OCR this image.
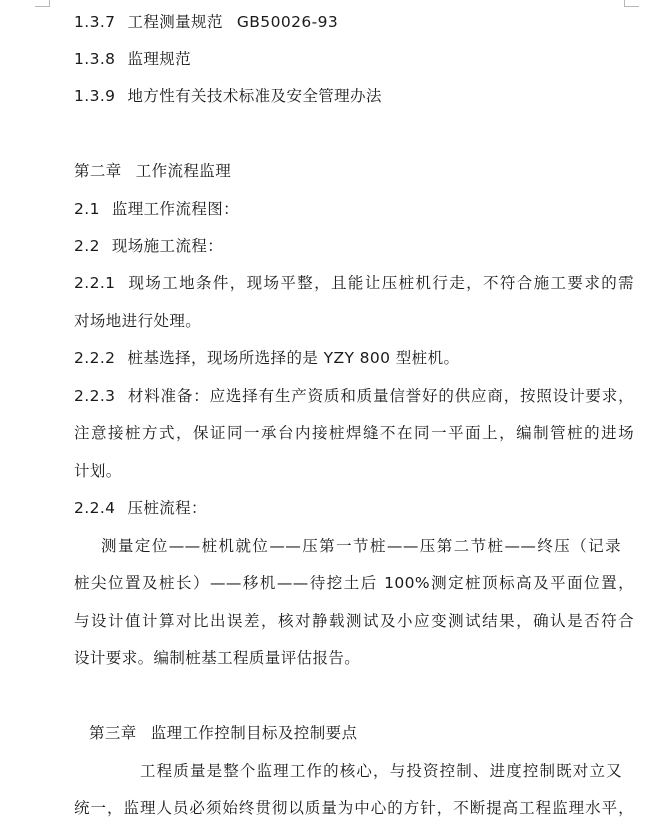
1.3.7 工程测量规范 GB50026-93
1.3.8 监理规范
1.3.9 地方性有关技术标准及安全管理办法
第二章 工作流程监理
2.1 监理工作流程图：
2.2 现场施工流程：
2.2.1 现场工地条件，现场平整，且能让压桩机行走，不符合施工要求的需
对场地进行处理。
2.2.2 桩基选择，现场所选择的是 YZY 800 型桩机。
2.2.3 材料准备：应选择有生产资质和质量信誉好的供应商，按照设计要求，
注意接桩方式，保证同一承台内接桩焊缝不在同一平面上，编制管桩的进场
计划。
2.2.4 压桩流程：
测量定位——桩机就位——压第一节桩——压第二节桩——终压（记录
桩尖位置及桩长）——移机——待挖土后 100%测定桩顶标高及平面位置，
与设计值计算对比出误差，核对静载测试及小应变测试结果，确认是否符合
设计要求。编制桩基工程质量评估报告。
第三章 监理工作控制目标及控制要点
工程质量是整个监理工作的核心，与投资控制、进度控制既对立又
统一，监理人员必须始终贯彻以质量为中心的方针，不断提高工程监理水平，
